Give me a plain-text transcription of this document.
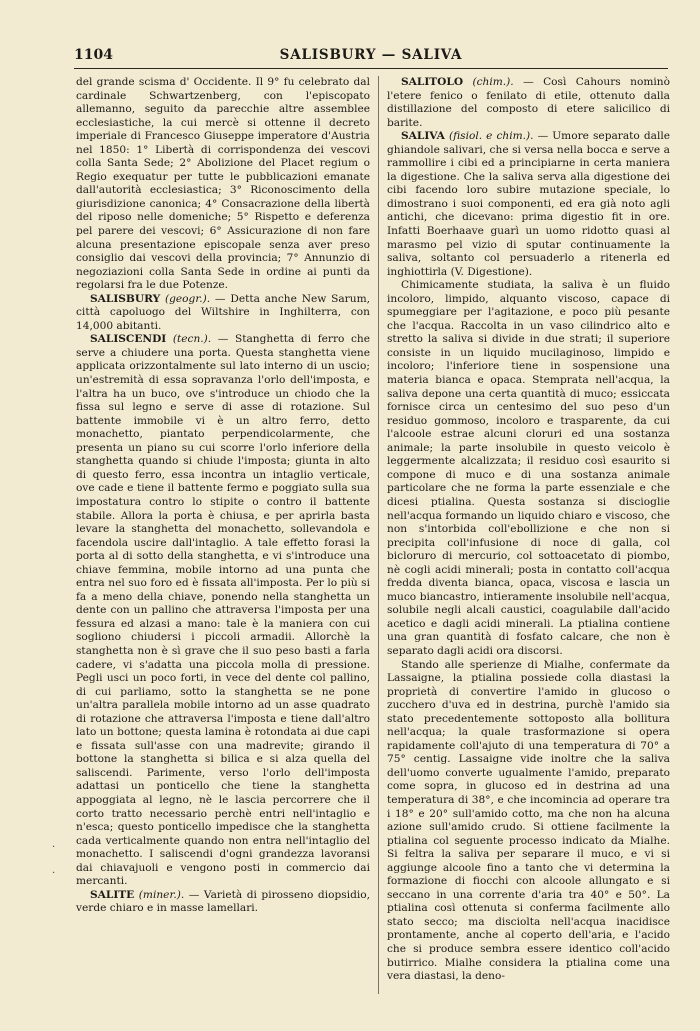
1104	SALISBURY — SALIVA

del grande scisma d' Occidente. Il 9° fu celebrato dal cardinale Schwartzenberg, con l'episcopato allemanno, seguito da parecchie altre assemblee ecclesiastiche, la cui mercè si ottenne il decreto imperiale di Francesco Giuseppe imperatore d'Austria nel 1850: 1° Libertà di corrispondenza dei vescovi colla Santa Sede; 2° Abolizione del Placet regium o Regio exequatur per tutte le pubblicazioni emanate dall'autorità ecclesiastica; 3° Riconoscimento della giurisdizione canonica; 4° Consacrazione della libertà del riposo nelle domeniche; 5° Rispetto e deferenza pel parere dei vescovi; 6° Assicurazione di non fare alcuna presentazione episcopale senza aver preso consiglio dai vescovi della provincia; 7° Annunzio di negoziazioni colla Santa Sede in ordine ai punti da regolarsi fra le due Potenze.

SALISBURY (geogr.). — Detta anche New Sarum, città capoluogo del Wiltshire in Inghilterra, con 14,000 abitanti.

SALISCENDI (tecn.). — Stanghetta di ferro che serve a chiudere una porta. Questa stanghetta viene applicata orizzontalmente sul lato interno di un uscio; un'estremità di essa sopravanza l'orlo dell'imposta, e l'altra ha un buco, ove s'introduce un chiodo che la fissa sul legno e serve di asse di rotazione. Sul battente immobile vi è un altro ferro, detto monachetto, piantato perpendicolarmente, che presenta un piano su cui scorre l'orlo inferiore della stanghetta quando si chiude l'imposta; giunta in alto di questo ferro, essa incontra un intaglio verticale, ove cade e tiene il battente fermo e poggiato sulla sua impostatura contro lo stipite o contro il battente stabile. Allora la porta è chiusa, e per aprirla basta levare la stanghetta del monachetto, sollevandola e facendola uscire dall'intaglio. A tale effetto forasi la porta al di sotto della stanghetta, e vi s'introduce una chiave femmina, mobile intorno ad una punta che entra nel suo foro ed è fissata all'imposta. Per lo più si fa a meno della chiave, ponendo nella stanghetta un dente con un pallino che attraversa l'imposta per una fessura ed alzasi a mano: tale è la maniera con cui sogliono chiudersi i piccoli armadii. Allorchè la stanghetta non è sì grave che il suo peso basti a farla cadere, vi s'adatta una piccola molla di pressione. Pegli usci un poco forti, in vece del dente col pallino, di cui parliamo, sotto la stanghetta se ne pone un'altra parallela mobile intorno ad un asse quadrato di rotazione che attraversa l'imposta e tiene dall'altro lato un bottone; questa lamina è rotondata ai due capi e fissata sull'asse con una madrevite; girando il bottone la stanghetta si bilica e si alza quella del saliscendi. Parimente, verso l'orlo dell'imposta adattasi un ponticello che tiene la stanghetta appoggiata al legno, nè le lascia percorrere che il corto tratto necessario perchè entri nell'intaglio e n'esca; questo ponticello impedisce che la stanghetta cada verticalmente quando non entra nell'intaglio del monachetto. I saliscendi d'ogni grandezza lavoransi dai chiavajuoli e vengono posti in commercio dai mercanti.

SALITE (miner.). — Varietà di pirosseno diopsidio, verde chiaro e in masse lamellari.

SALITOLO (chim.). — Così Cahours nominò l'etere fenico o fenilato di etile, ottenuto dalla distillazione del composto di etere salicilico di barite.

SALIVA (fisiol. e chim.). — Umore separato dalle ghiandole salivari, che si versa nella bocca e serve a rammollire i cibi ed a principiarne in certa maniera la digestione. Che la saliva serva alla digestione dei cibi facendo loro subire mutazione speciale, lo dimostrano i suoi componenti, ed era già noto agli antichi, che dicevano: prima digestio fit in ore. Infatti Boerhaave guarì un uomo ridotto quasi al marasmo pel vizio di sputar continuamente la saliva, soltanto col persuaderlo a ritenerla ed inghiottirla (V. Digestione).

Chimicamente studiata, la saliva è un fluido incoloro, limpido, alquanto viscoso, capace di spumeggiare per l'agitazione, e poco più pesante che l'acqua. Raccolta in un vaso cilindrico alto e stretto la saliva si divide in due strati; il superiore consiste in un liquido mucilaginoso, limpido e incoloro; l'inferiore tiene in sospensione una materia bianca e opaca. Stemprata nell'acqua, la saliva depone una certa quantità di muco; essiccata fornisce circa un centesimo del suo peso d'un residuo gommoso, incoloro e trasparente, da cui l'alcoole estrae alcuni cloruri ed una sostanza animale; la parte insolubile in questo veicolo è leggermente alcalizzata; il residuo così esaurito si compone di muco e di una sostanza animale particolare che ne forma la parte essenziale e che dicesi ptialina. Questa sostanza si discioglie nell'acqua formando un liquido chiaro e viscoso, che non s'intorbida coll'ebollizione e che non si precipita coll'infusione di noce di galla, col bicloruro di mercurio, col sottoacetato di piombo, nè cogli acidi minerali; posta in contatto coll'acqua fredda diventa bianca, opaca, viscosa e lascia un muco biancastro, intieramente insolubile nell'acqua, solubile negli alcali caustici, coagulabile dall'acido acetico e dagli acidi minerali. La ptialina contiene una gran quantità di fosfato calcare, che non è separato dagli acidi ora discorsi.

Stando alle sperienze di Mialhe, confermate da Lassaigne, la ptialina possiede colla diastasi la proprietà di convertire l'amido in glucoso o zucchero d'uva ed in destrina, purchè l'amido sia stato precedentemente sottoposto alla bollitura nell'acqua; la quale trasformazione si opera rapidamente coll'ajuto di una temperatura di 70° a 75° centig. Lassaigne vide inoltre che la saliva dell'uomo converte ugualmente l'amido, preparato come sopra, in glucoso ed in destrina ad una temperatura di 38°, e che incomincia ad operare tra i 18° e 20° sull'amido cotto, ma che non ha alcuna azione sull'amido crudo. Si ottiene facilmente la ptialina col seguente processo indicato da Mialhe. Si feltra la saliva per separare il muco, e vi si aggiunge alcoole fino a tanto che vi determina la formazione di fiocchi con alcoole allungato e si seccano in una corrente d'aria tra 40° e 50°. La ptialina così ottenuta si conferma facilmente allo stato secco; ma disciolta nell'acqua inacidisce prontamente, anche al coperto dell'aria, e l'acido che si produce sembra essere identico coll'acido butirrico. Mialhe considera la ptialina come una vera diastasi, la deno-

·
·
